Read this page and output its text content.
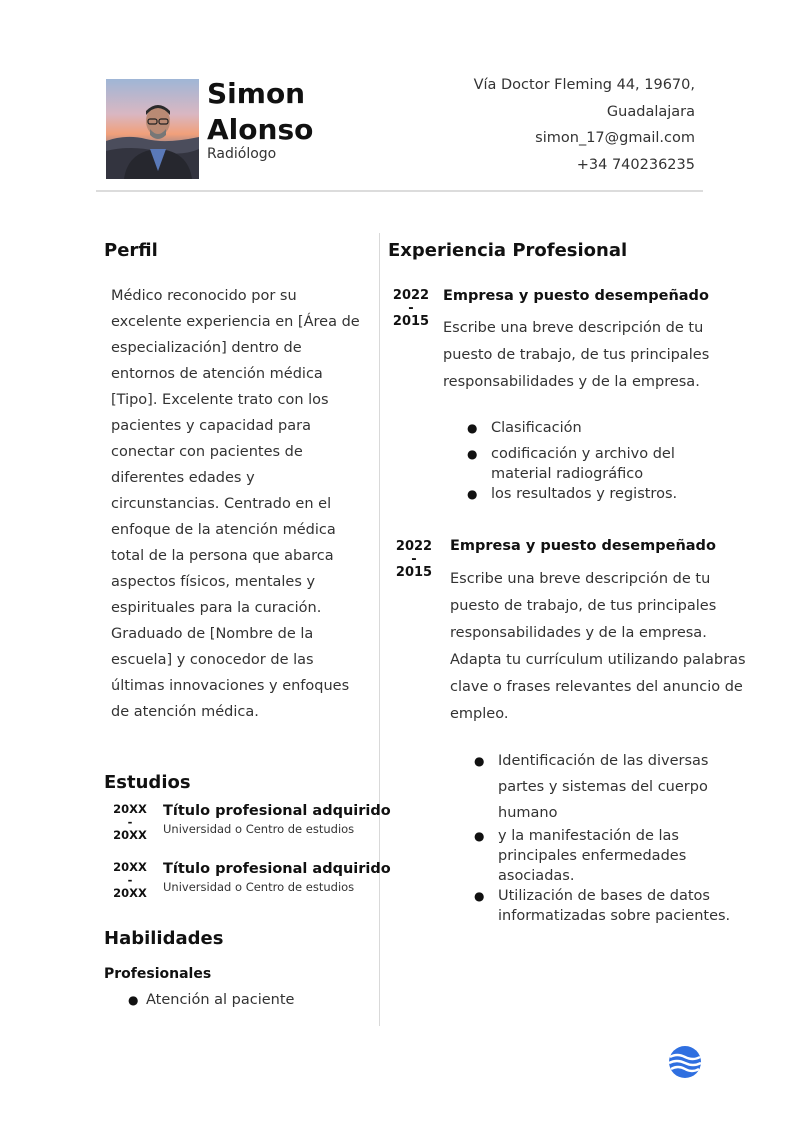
Simon
Alonso
Radiólogo
Vía Doctor Fleming 44, 19670,
Guadalajara
simon_17@gmail.com
+34 740236235
Perfil
Médico reconocido por su excelente experiencia en [Área de especialización] dentro de entornos de atención médica [Tipo]. Excelente trato con los pacientes y capacidad para conectar con pacientes de diferentes edades y circunstancias. Centrado en el enfoque de la atención médica total de la persona que abarca aspectos físicos, mentales y espirituales para la curación. Graduado de [Nombre de la escuela] y conocedor de las últimas innovaciones y enfoques de atención médica.
Estudios
20XX
-
20XX
Título profesional adquirido
Universidad o Centro de estudios
20XX
-
20XX
Título profesional adquirido
Universidad o Centro de estudios
Habilidades
Profesionales
● Atención al paciente
Experiencia Profesional
2022
-
2015
Empresa y puesto desempeñado
Escribe una breve descripción de tu puesto de trabajo, de tus principales responsabilidades y de la empresa.
● Clasificación
● codificación y archivo del material radiográfico
● los resultados y registros.
2022
-
2015
Empresa y puesto desempeñado
Escribe una breve descripción de tu puesto de trabajo, de tus principales responsabilidades y de la empresa. Adapta tu currículum utilizando palabras clave o frases relevantes del anuncio de empleo.
● Identificación de las diversas partes y sistemas del cuerpo humano
● y la manifestación de las principales enfermedades asociadas.
● Utilización de bases de datos informatizadas sobre pacientes.
